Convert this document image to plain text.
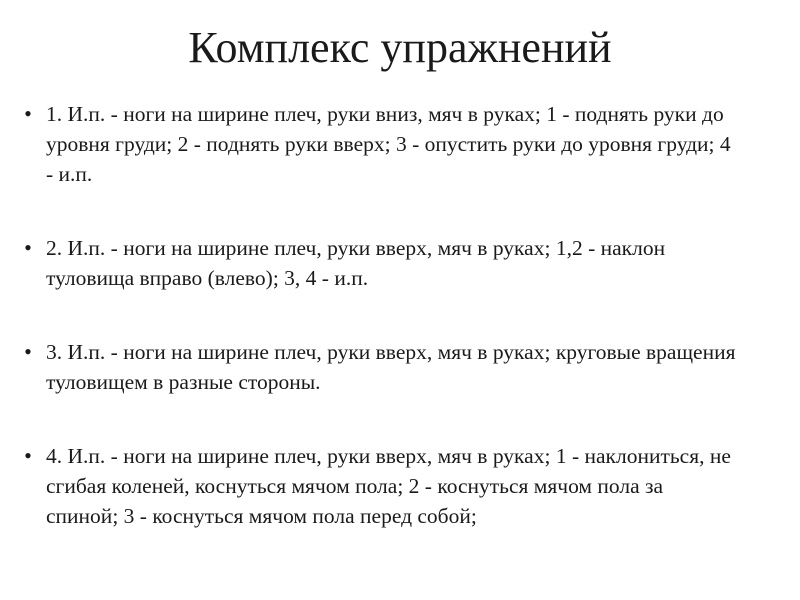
Комплекс упражнений
• 1. И.п. - ноги на ширине плеч, руки вниз, мяч в руках; 1 - поднять руки до уровня груди; 2 - поднять руки вверх; 3 - опустить руки до уровня груди; 4 - и.п.
• 2. И.п. - ноги на ширине плеч, руки вверх, мяч в руках; 1,2 - наклон туловища вправо (влево); 3, 4 - и.п.
• 3. И.п. - ноги на ширине плеч, руки вверх, мяч в руках; круговые вращения туловищем в разные стороны.
• 4. И.п. - ноги на ширине плеч, руки вверх, мяч в руках; 1 - наклониться, не сгибая коленей, коснуться мячом пола; 2 - коснуться мячом пола за спиной; 3 - коснуться мячом пола перед собой;
